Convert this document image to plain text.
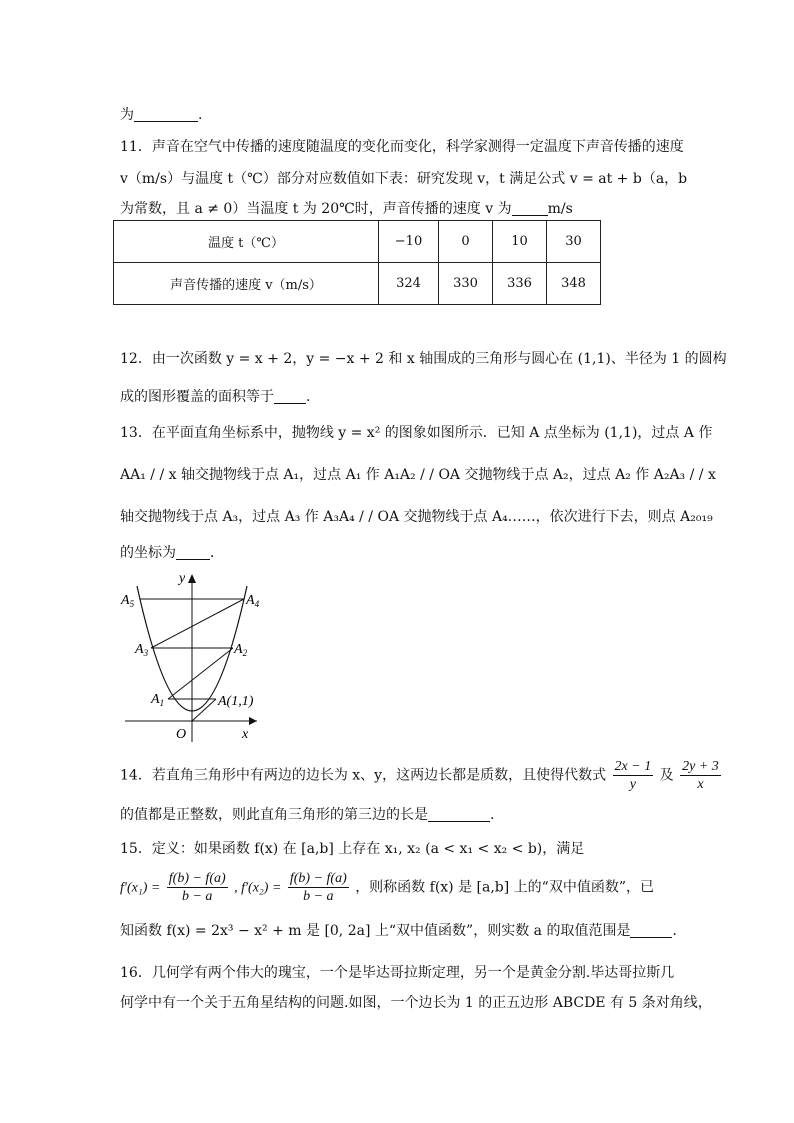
为	.
11．声音在空气中传播的速度随温度的变化而变化，科学家测得一定温度下声音传播的速度
v（m/s）与温度 t（℃）部分对应数值如下表：研究发现 v，t 满足公式 v = at + b（a，b
为常数，且 a ≠ 0）当温度 t 为 20℃时，声音传播的速度 v 为	m/s
温度 t（℃）	−10	0	10	30
声音传播的速度 v（m/s）	324	330	336	348
12．由一次函数 y = x + 2，y = −x + 2 和 x 轴围成的三角形与圆心在 (1,1)、半径为 1 的圆构
成的图形覆盖的面积等于 .
13．在平面直角坐标系中，抛物线 y = x² 的图象如图所示．已知 A 点坐标为 (1,1)，过点 A 作
AA₁ / / x 轴交抛物线于点 A₁，过点 A₁ 作 A₁A₂ / / OA 交抛物线于点 A₂，过点 A₂ 作 A₂A₃ / / x
轴交抛物线于点 A₃，过点 A₃ 作 A₃A₄ / / OA 交抛物线于点 A₄……，依次进行下去，则点 A₂₀₁₉
的坐标为 ．
y
x
O
$A_5$	$A_4$
$A_3$	$A_2$
$A_1$	A(1,1)
14．若直角三角形中有两边的边长为 x、y，这两边长都是质数，且使得代数式 $\frac{2x - 1}{y}$ 及 $\frac{2y + 3}{x}$
的值都是正整数，则此直角三角形的第三边的长是	.
15．定义：如果函数 f(x) 在 [a,b] 上存在 x₁, x₂ (a < x₁ < x₂ < b)，满足
$f'(x_1) = \frac{f(b) - f(a)}{b - a}$ , $f'(x_2) = \frac{f(b) - f(a)}{b - a}$ ，则称函数 f(x) 是 [a,b] 上的“双中值函数”，已
知函数 f(x) = 2x³ − x² + m 是 [0, 2a] 上“双中值函数”，则实数 a 的取值范围是	．
16．几何学有两个伟大的瑰宝，一个是毕达哥拉斯定理，另一个是黄金分割.毕达哥拉斯几
何学中有一个关于五角星结构的问题.如图，一个边长为 1 的正五边形 ABCDE 有 5 条对角线，
